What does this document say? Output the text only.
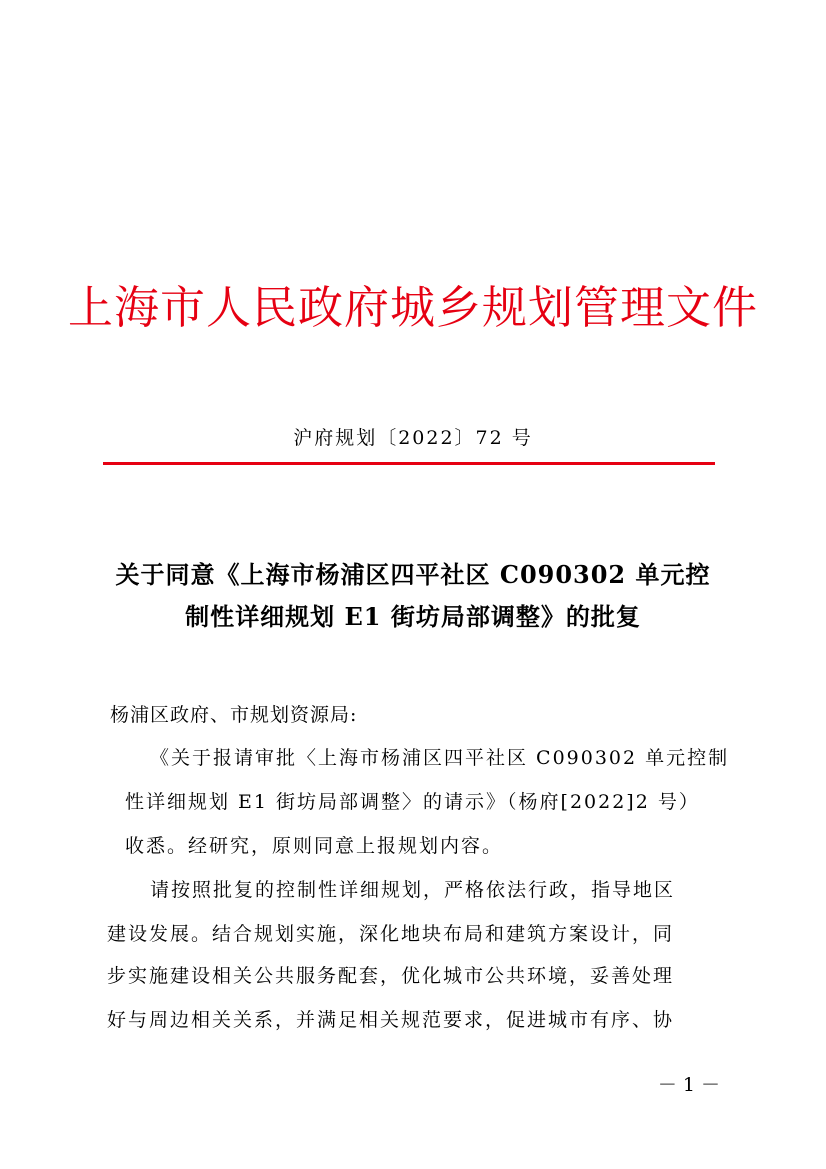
上海市人民政府城乡规划管理文件
沪府规划〔2022〕72 号
关于同意《上海市杨浦区四平社区 C090302 单元控
制性详细规划 E1 街坊局部调整》的批复
杨浦区政府、市规划资源局:
《关于报请审批〈上海市杨浦区四平社区 C090302 单元控制
性详细规划 E1 街坊局部调整〉的请示》（杨府[2022]2 号）
收悉。经研究，原则同意上报规划内容。
请按照批复的控制性详细规划，严格依法行政，指导地区
建设发展。结合规划实施，深化地块布局和建筑方案设计，同
步实施建设相关公共服务配套，优化城市公共环境，妥善处理
好与周边相关关系，并满足相关规范要求，促进城市有序、协
－ 1 －
